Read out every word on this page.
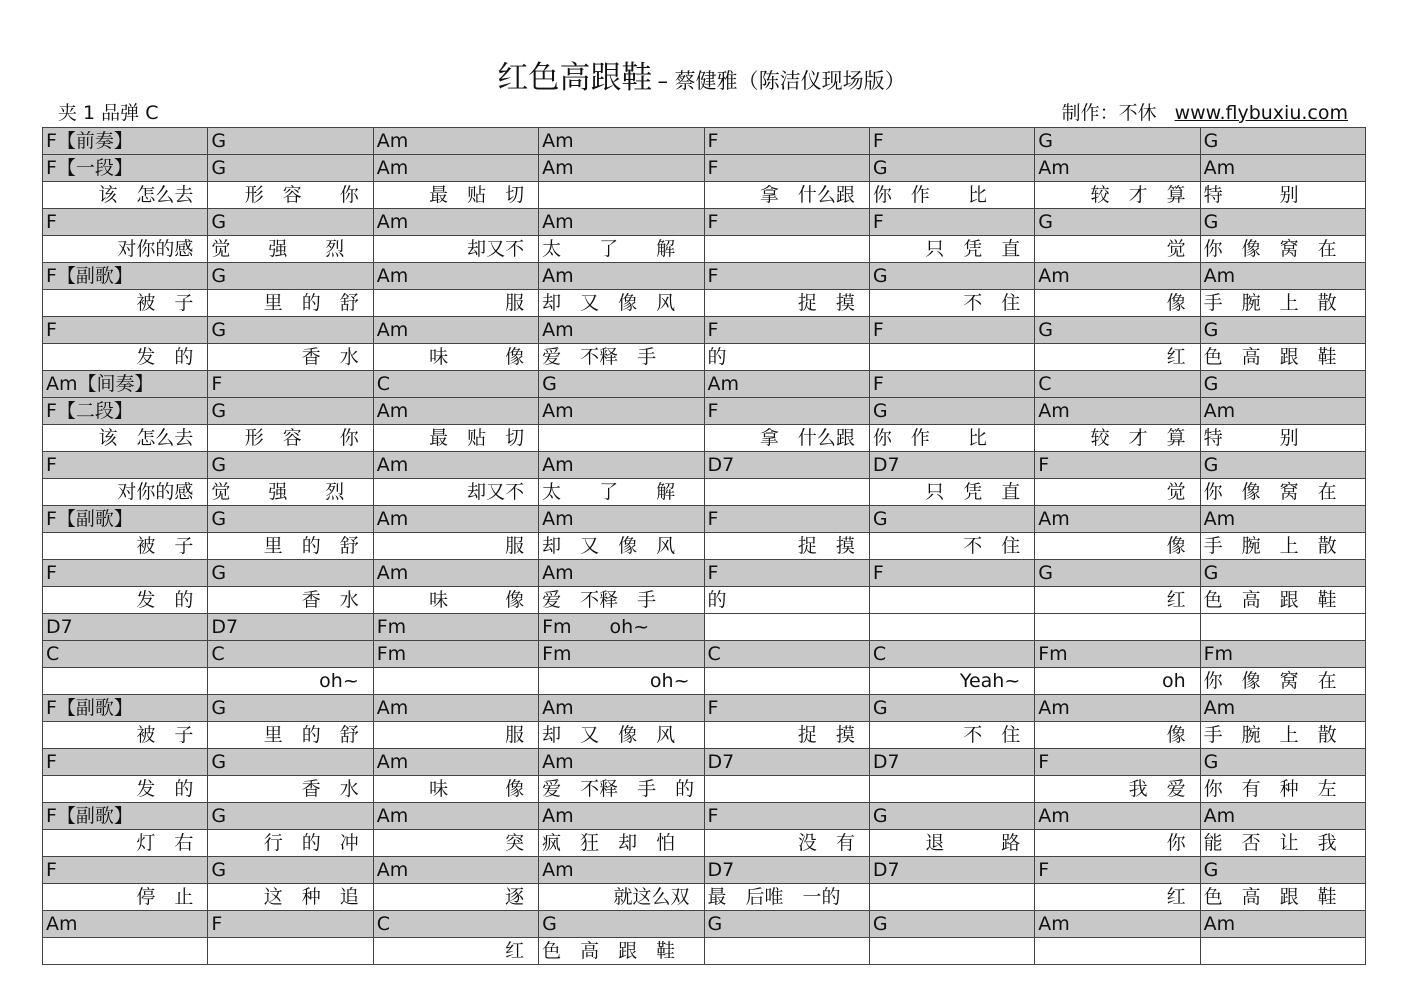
红色高跟鞋 – 蔡健雅（陈洁仪现场版）
夹 1 品弹 C	制作：不休 www.flybuxiu.com
F【前奏】	G	Am	Am	F	F	G	G
F【一段】	G	Am	Am	F	G	Am	Am
该　怎么去	形　容　　你	最　贴　切		拿　什么跟	你　作　　比	较　才　算	特　　　别
F	G	Am	Am	F	F	G	G
对你的感	觉　　强　　烈	却又不	太　　了　　解		只　凭　直	觉	你　像　窝　在
F【副歌】	G	Am	Am	F	G	Am	Am
被　子	里　的　舒	服	却　又　像　风	捉　摸	不　住	像	手　腕　上　散
F	G	Am	Am	F	F	G	G
发　的	香　水	味　　　像	爱　不释　手	的		红	色　高　跟　鞋
Am【间奏】	F	C	G	Am	F	C	G
F【二段】	G	Am	Am	F	G	Am	Am
该　怎么去	形　容　　你	最　贴　切		拿　什么跟	你　作　　比	较　才　算	特　　　别
F	G	Am	Am	D7	D7	F	G
对你的感	觉　　强　　烈	却又不	太　　了　　解		只　凭　直	觉	你　像　窝　在
F【副歌】	G	Am	Am	F	G	Am	Am
被　子	里　的　舒	服	却　又　像　风	捉　摸	不　住	像	手　腕　上　散
F	G	Am	Am	F	F	G	G
发　的	香　水	味　　　像	爱　不释　手	的		红	色　高　跟　鞋
D7	D7	Fm	Fm　　oh~				
C	C	Fm	Fm	C	C	Fm	Fm
	oh~		oh~		Yeah~	oh	你　像　窝　在
F【副歌】	G	Am	Am	F	G	Am	Am
被　子	里　的　舒	服	却　又　像　风	捉　摸	不　住	像	手　腕　上　散
F	G	Am	Am	D7	D7	F	G
发　的	香　水	味　　　像	爱　不释　手　的			我　爱	你　有　种　左
F【副歌】	G	Am	Am	F	G	Am	Am
灯　右	行　的　冲	突	疯　狂　却　怕	没　有	退　　　路	你	能　否　让　我
F	G	Am	Am	D7	D7	F	G
停　止	这　种　追	逐	就这么双	最　后唯　一的		红	色　高　跟　鞋
Am	F	C	G	G	G	Am	Am
		红	色　高　跟　鞋				
